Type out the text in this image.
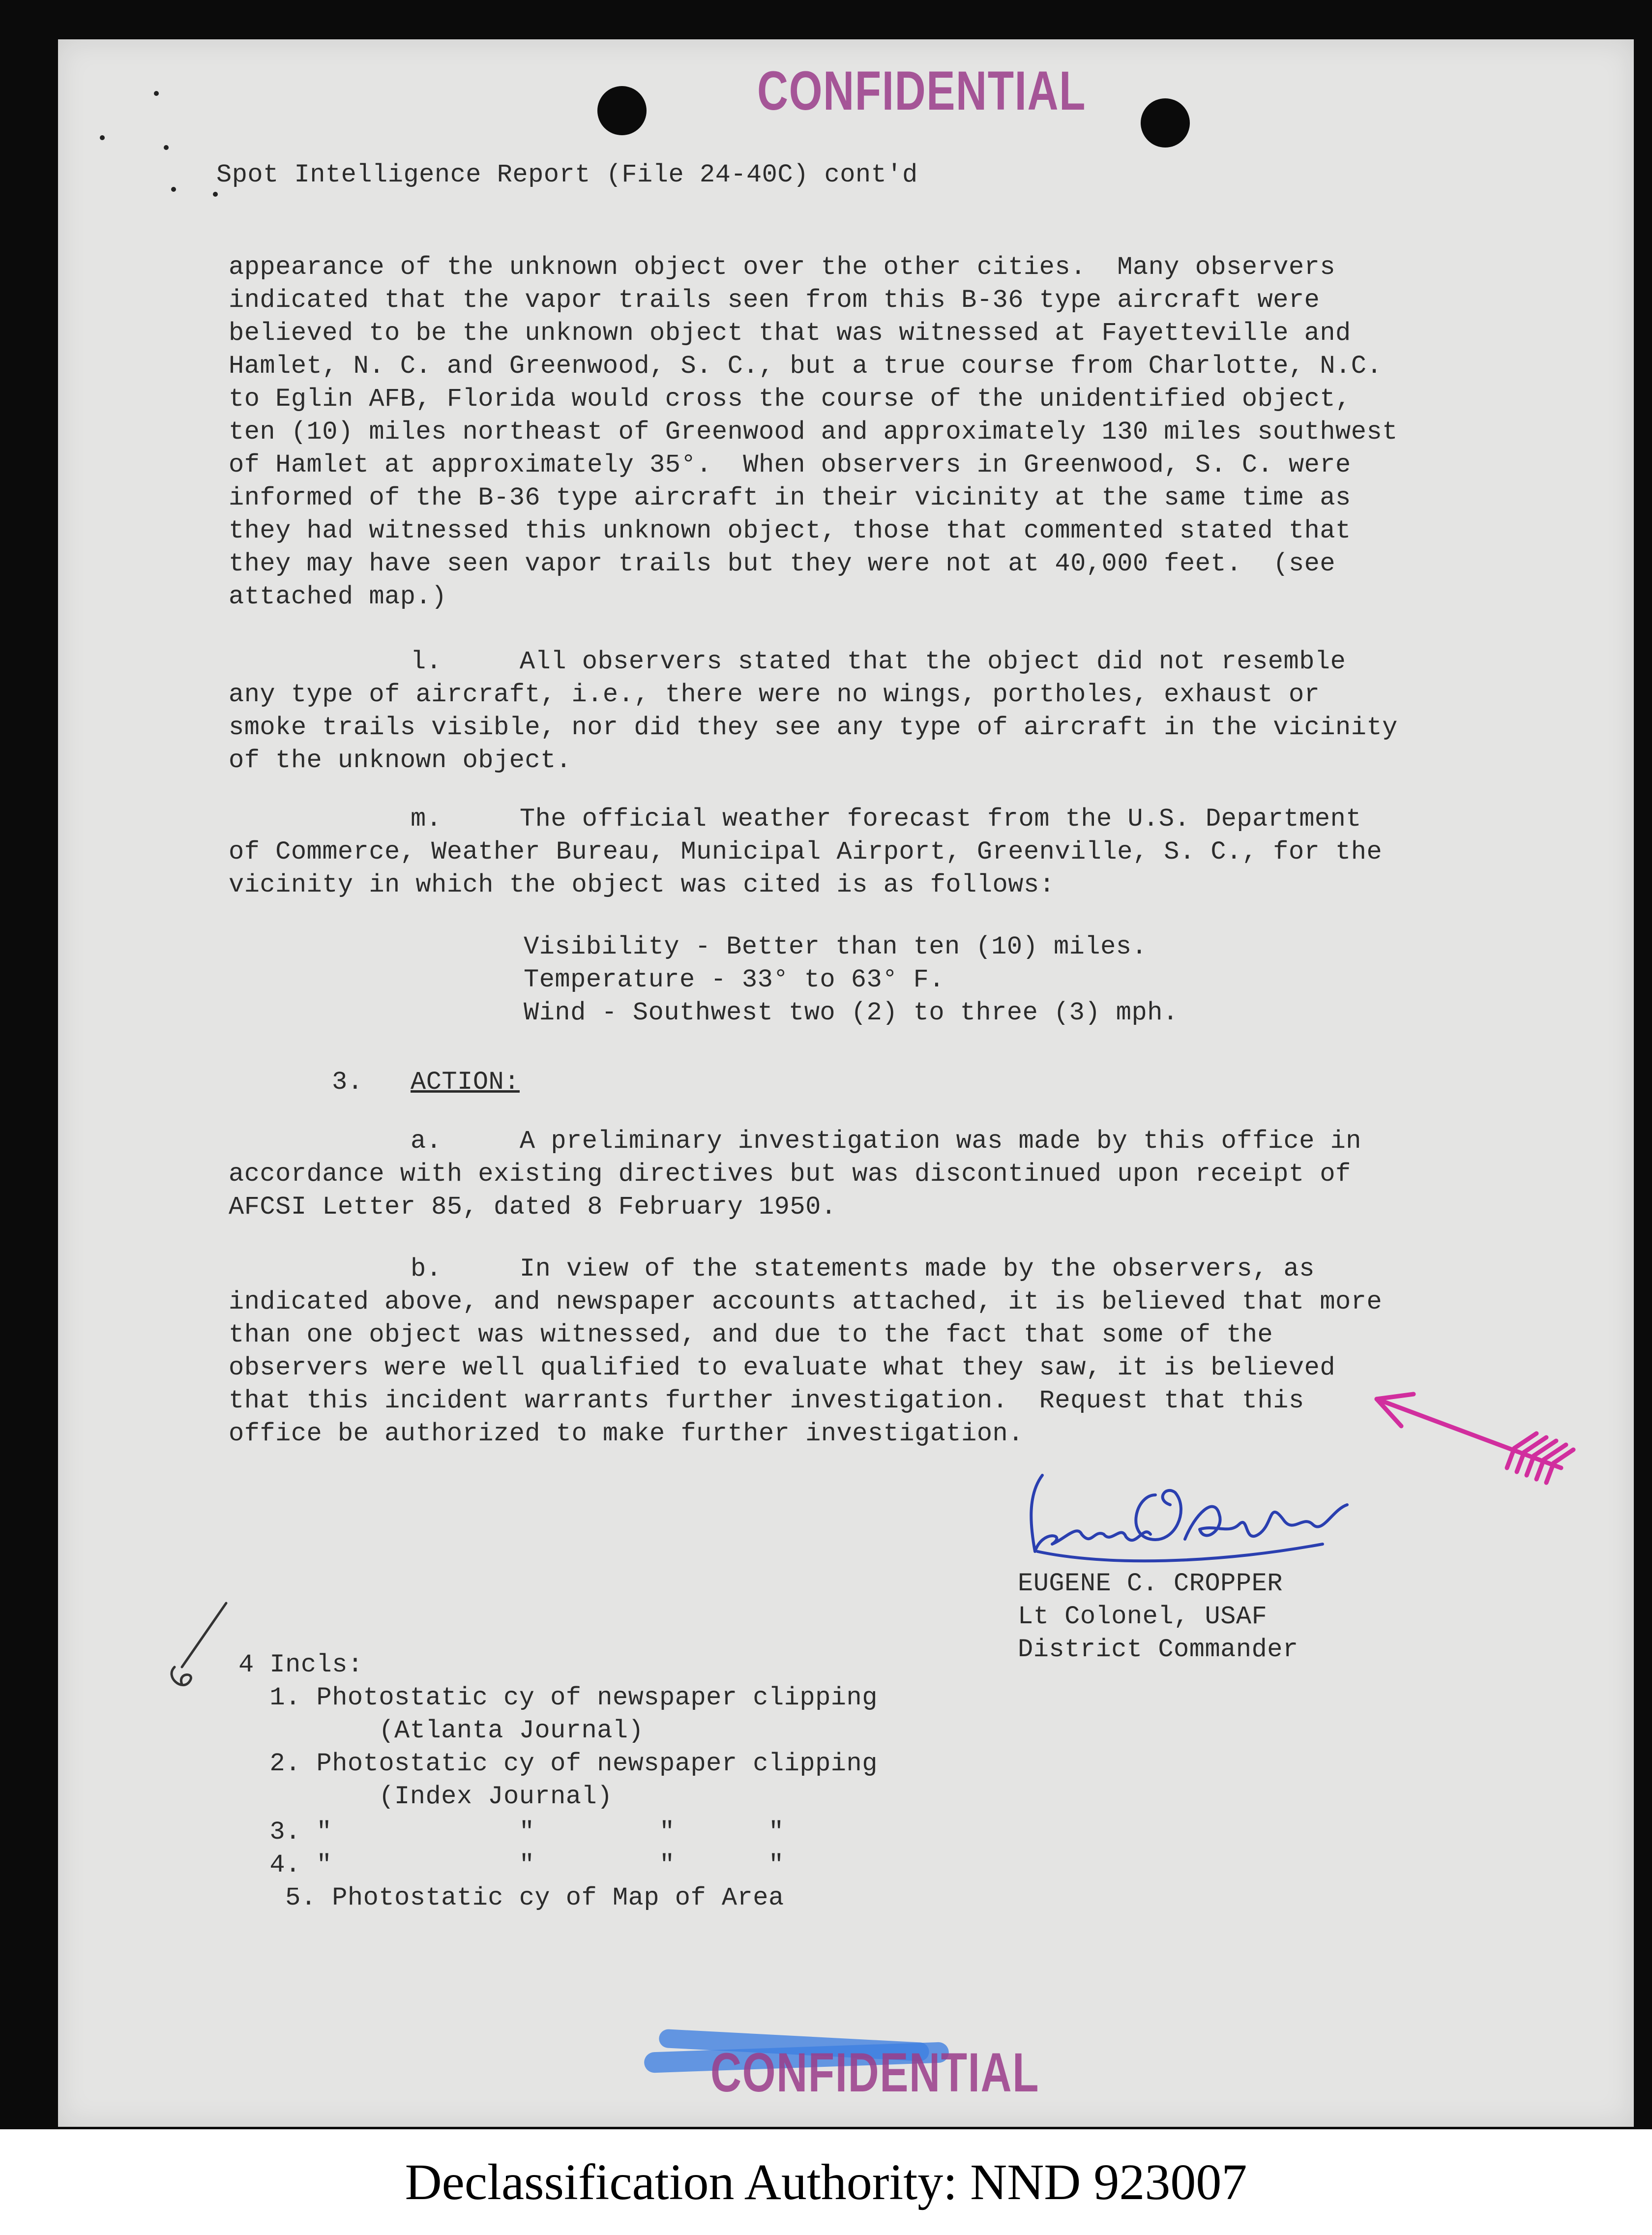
CONFIDENTIAL
CONFIDENTIAL
Spot Intelligence Report (File 24-40C) cont'd
appearance of the unknown object over the other cities.  Many observers
indicated that the vapor trails seen from this B-36 type aircraft were
believed to be the unknown object that was witnessed at Fayetteville and
Hamlet, N. C. and Greenwood, S. C., but a true course from Charlotte, N.C.
to Eglin AFB, Florida would cross the course of the unidentified object,
ten (10) miles northeast of Greenwood and approximately 130 miles southwest
of Hamlet at approximately 35°.  When observers in Greenwood, S. C. were
informed of the B-36 type aircraft in their vicinity at the same time as
they had witnessed this unknown object, those that commented stated that
they may have seen vapor trails but they were not at 40,000 feet.  (see
attached map.)
l.     All observers stated that the object did not resemble
any type of aircraft, i.e., there were no wings, portholes, exhaust or
smoke trails visible, nor did they see any type of aircraft in the vicinity
of the unknown object.
m.     The official weather forecast from the U.S. Department
of Commerce, Weather Bureau, Municipal Airport, Greenville, S. C., for the
vicinity in which the object was cited is as follows:
Visibility - Better than ten (10) miles.
Temperature - 33° to 63° F.
Wind - Southwest two (2) to three (3) mph.
3. ACTION:
a.     A preliminary investigation was made by this office in
accordance with existing directives but was discontinued upon receipt of
AFCSI Letter 85, dated 8 February 1950.
b.     In view of the statements made by the observers, as
indicated above, and newspaper accounts attached, it is believed that more
than one object was witnessed, and due to the fact that some of the
observers were well qualified to evaluate what they saw, it is believed
that this incident warrants further investigation.  Request that this
office be authorized to make further investigation.
EUGENE C. CROPPER
Lt Colonel, USAF
District Commander
4 Incls:
1. Photostatic cy of newspaper clipping
(Atlanta Journal)
2. Photostatic cy of newspaper clipping
(Index Journal)
3. "            "        "      "
4. "            "        "      "
5. Photostatic cy of Map of Area
Declassification Authority: NND 923007
